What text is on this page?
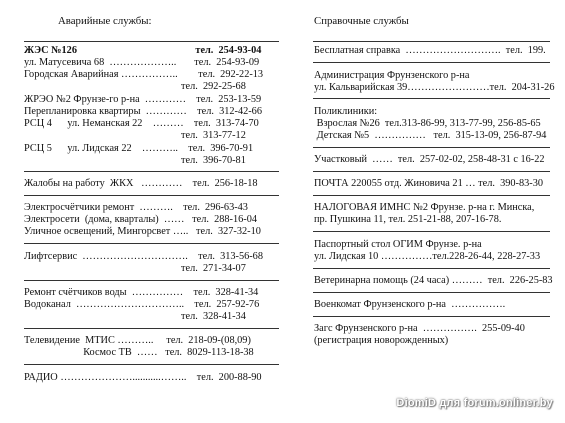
Аварийные службы:
ЖЭС №126                                              тел.  254-93-04
ул. Матусевича 68  ………………..       тел.  254-93-09
Городская Аварийная ……………..        тел.  292-22-13
тел.  292-25-68
ЖРЭО №2 Фрунзе-го р-на  …………    тел.  253-13-59
Перепланировка квартиры  …………    тел.  312-42-66
РСЦ 4      ул. Неманская 22    ………    тел.  313-74-70
тел.  313-77-12
РСЦ 5      ул. Лидская 22    ………..    тел.  396-70-91
тел.  396-70-81
Жалобы на работу  ЖКХ   …………    тел.  256-18-18
Электросчётчики ремонт  ……….    тел.  296-63-43
Электросети  (дома, кварталы)  ……   тел.  288-16-04
Уличное освещений, Мингорсвет …..   тел.  327-32-10
Лифтсервис  ………………………….    тел.  313-56-68
тел.  271-34-07
Ремонт счётчиков воды  ……………    тел.  328-41-34
Водоканал  …………………………..    тел.  257-92-76
тел.  328-41-34
Телевидение  МТИС ………..     тел.  218-09-(08,09)
Космос ТВ  ……   тел.  8029-113-18-38
РАДИО …………………...........……..    тел.  200-88-90
Справочные службы
Бесплатная справка  ……………………….  тел.  199.
Администрация Фрунзенского р-на
ул. Кальварийская 39……………………тел.  204-31-26
Поликлиники:
Взрослая №26  тел.313-86-99, 313-77-99, 256-85-65
Детская №5  ……………   тел.  315-13-09, 256-87-94
Участковый  ……  тел.  257-02-02, 258-48-31 с 16-22
ПОЧТА 220055 отд. Жиновича 21 … тел.  390-83-30
НАЛОГОВАЯ ИМНС №2 Фрунзе. р-на г. Минска,
пр. Пушкина 11, тел. 251-21-88, 207-16-78.
Паспортный стол ОГИМ Фрунзе. р-на
ул. Лидская 10 ……………тел.228-26-44, 228-27-33
Ветеринарна помощь (24 часа) ………  тел.  226-25-83
Военкомат Фрунзенского р-на  …………….
Загс Фрунзенского р-на  …………….  255-09-40
(регистрация новорожденных)
DiomiD для forum.onliner.by
